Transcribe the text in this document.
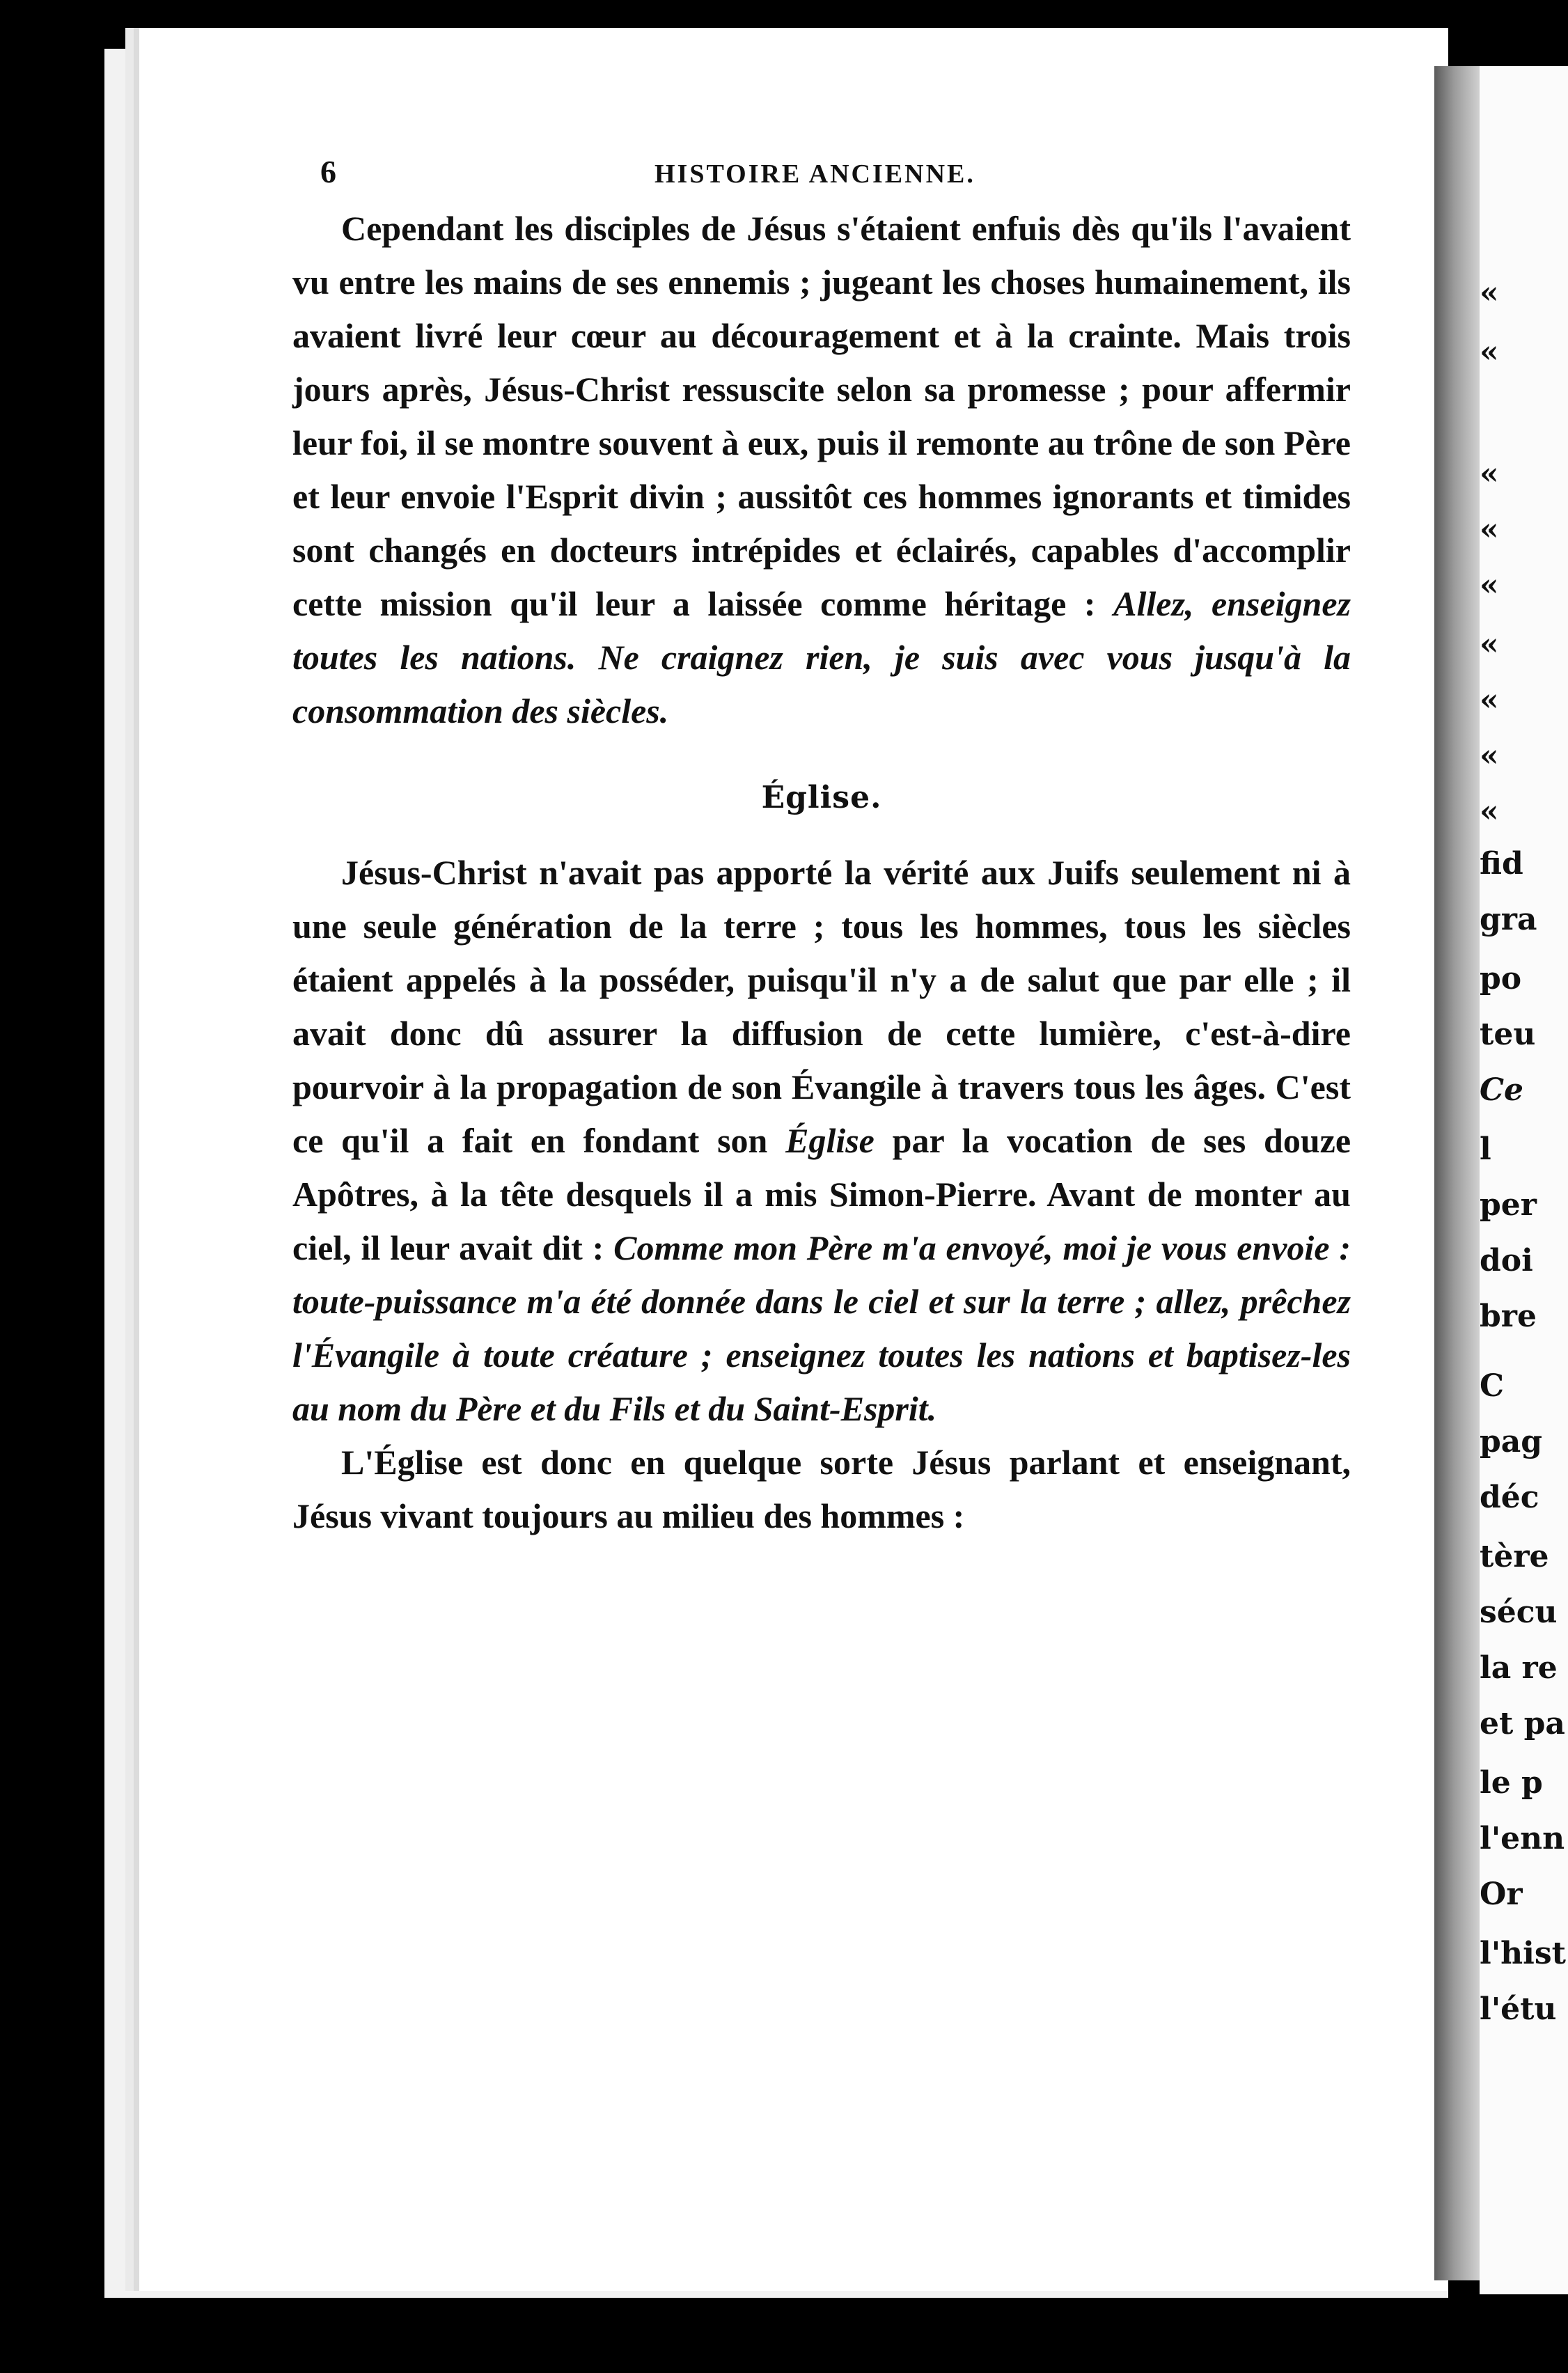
«
«
«
«
«
«
«
«
«
fid
gra
po
teu
Ce
l
per
doi
bre
C
pag
déc
tère
sécu
la re
et pa
le p
l'enn
Or
l'hist
l'étu
6	HISTOIRE ANCIENNE.

Cependant les disciples de Jésus s'étaient enfuis dès qu'ils l'avaient vu entre les mains de ses ennemis ; jugeant les choses humainement, ils avaient livré leur cœur au découragement et à la crainte. Mais trois jours après, Jésus-Christ ressuscite selon sa promesse ; pour affermir leur foi, il se montre souvent à eux, puis il remonte au trône de son Père et leur envoie l'Esprit divin ; aussitôt ces hommes ignorants et timides sont changés en docteurs intrépides et éclairés, capables d'accomplir cette mission qu'il leur a laissée comme héritage : Allez, enseignez toutes les nations. Ne craignez rien, je suis avec vous jusqu'à la consommation des siècles.

Église.

Jésus-Christ n'avait pas apporté la vérité aux Juifs seulement ni à une seule génération de la terre ; tous les hommes, tous les siècles étaient appelés à la posséder, puisqu'il n'y a de salut que par elle ; il avait donc dû assurer la diffusion de cette lumière, c'est-à-dire pourvoir à la propagation de son Évangile à travers tous les âges. C'est ce qu'il a fait en fondant son Église par la vocation de ses douze Apôtres, à la tête desquels il a mis Simon-Pierre. Avant de monter au ciel, il leur avait dit : Comme mon Père m'a envoyé, moi je vous envoie : toute-puissance m'a été donnée dans le ciel et sur la terre ; allez, prêchez l'Évangile à toute créature ; enseignez toutes les nations et baptisez-les au nom du Père et du Fils et du Saint-Esprit.

L'Église est donc en quelque sorte Jésus parlant et enseignant, Jésus vivant toujours au milieu des hommes :
